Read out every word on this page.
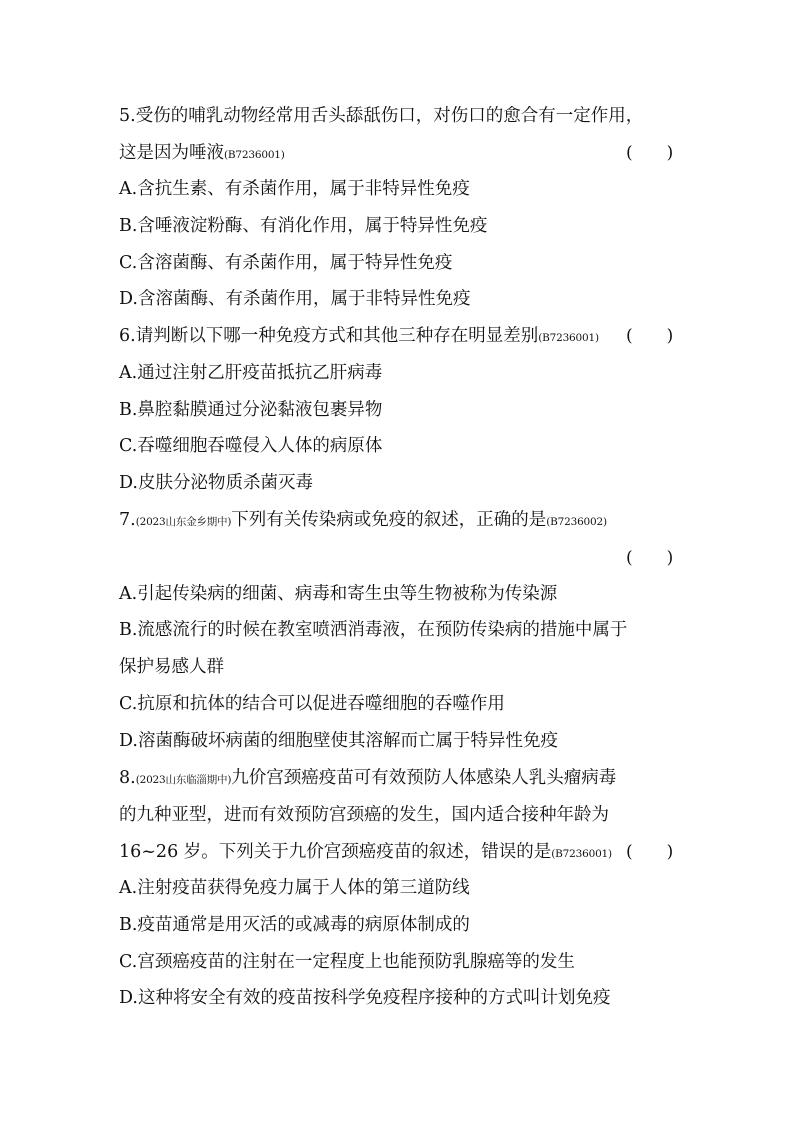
5.受伤的哺乳动物经常用舌头舔舐伤口，对伤口的愈合有一定作用，
这是因为唾液(B7236001)	(　　)
A.含抗生素、有杀菌作用，属于非特异性免疫
B.含唾液淀粉酶、有消化作用，属于特异性免疫
C.含溶菌酶、有杀菌作用，属于特异性免疫
D.含溶菌酶、有杀菌作用，属于非特异性免疫
6.请判断以下哪一种免疫方式和其他三种存在明显差别(B7236001) (　　)
A.通过注射乙肝疫苗抵抗乙肝病毒
B.鼻腔黏膜通过分泌黏液包裹异物
C.吞噬细胞吞噬侵入人体的病原体
D.皮肤分泌物质杀菌灭毒
7.(2023山东金乡期中)下列有关传染病或免疫的叙述，正确的是(B7236002)
(　　)
A.引起传染病的细菌、病毒和寄生虫等生物被称为传染源
B.流感流行的时候在教室喷洒消毒液，在预防传染病的措施中属于
保护易感人群
C.抗原和抗体的结合可以促进吞噬细胞的吞噬作用
D.溶菌酶破坏病菌的细胞壁使其溶解而亡属于特异性免疫
8.(2023山东临淄期中)九价宫颈癌疫苗可有效预防人体感染人乳头瘤病毒
的九种亚型，进而有效预防宫颈癌的发生，国内适合接种年龄为
16~26 岁。下列关于九价宫颈癌疫苗的叙述，错误的是(B7236001) (　　)
A.注射疫苗获得免疫力属于人体的第三道防线
B.疫苗通常是用灭活的或减毒的病原体制成的
C.宫颈癌疫苗的注射在一定程度上也能预防乳腺癌等的发生
D.这种将安全有效的疫苗按科学免疫程序接种的方式叫计划免疫
